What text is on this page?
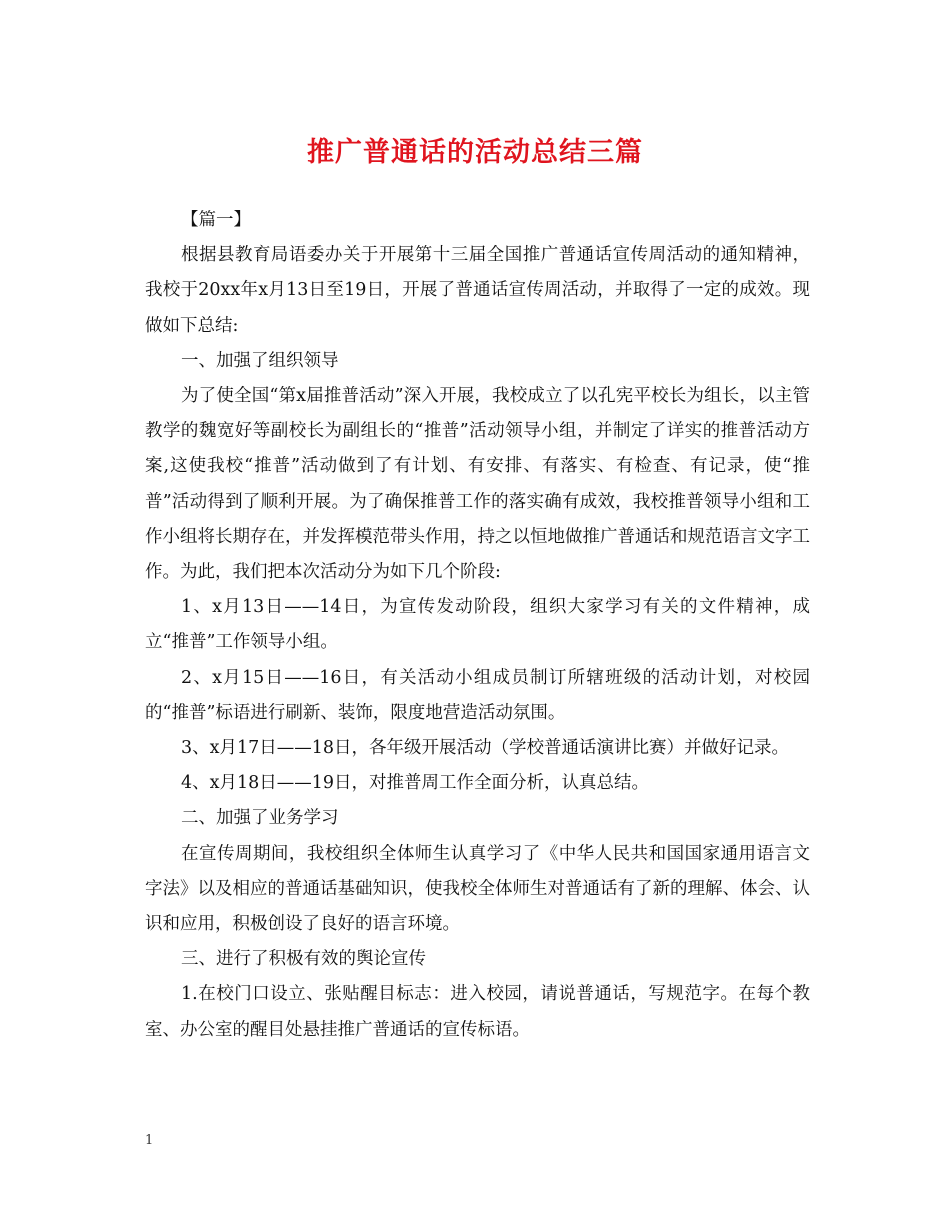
推广普通话的活动总结三篇

【篇一】

根据县教育局语委办关于开展第十三届全国推广普通话宣传周活动的通知精神，我校于20xx年x月13日至19日，开展了普通话宣传周活动，并取得了一定的成效。现做如下总结:

一、加强了组织领导

为了使全国“第x届推普活动”深入开展，我校成立了以孔宪平校长为组长，以主管教学的魏宽好等副校长为副组长的“推普”活动领导小组，并制定了详实的推普活动方案,这使我校“推普”活动做到了有计划、有安排、有落实、有检查、有记录，使“推普”活动得到了顺利开展。为了确保推普工作的落实确有成效，我校推普领导小组和工作小组将长期存在，并发挥模范带头作用，持之以恒地做推广普通话和规范语言文字工作。为此，我们把本次活动分为如下几个阶段:

1、x月13日——14日，为宣传发动阶段，组织大家学习有关的文件精神，成立“推普”工作领导小组。

2、x月15日——16日，有关活动小组成员制订所辖班级的活动计划，对校园的“推普”标语进行刷新、装饰，限度地营造活动氛围。

3、x月17日——18日，各年级开展活动（学校普通话演讲比赛）并做好记录。

4、x月18日——19日，对推普周工作全面分析，认真总结。

二、加强了业务学习

在宣传周期间，我校组织全体师生认真学习了《中华人民共和国国家通用语言文字法》以及相应的普通话基础知识，使我校全体师生对普通话有了新的理解、体会、认识和应用，积极创设了良好的语言环境。

三、进行了积极有效的舆论宣传

1.在校门口设立、张贴醒目标志：进入校园，请说普通话，写规范字。在每个教室、办公室的醒目处悬挂推广普通话的宣传标语。

1
